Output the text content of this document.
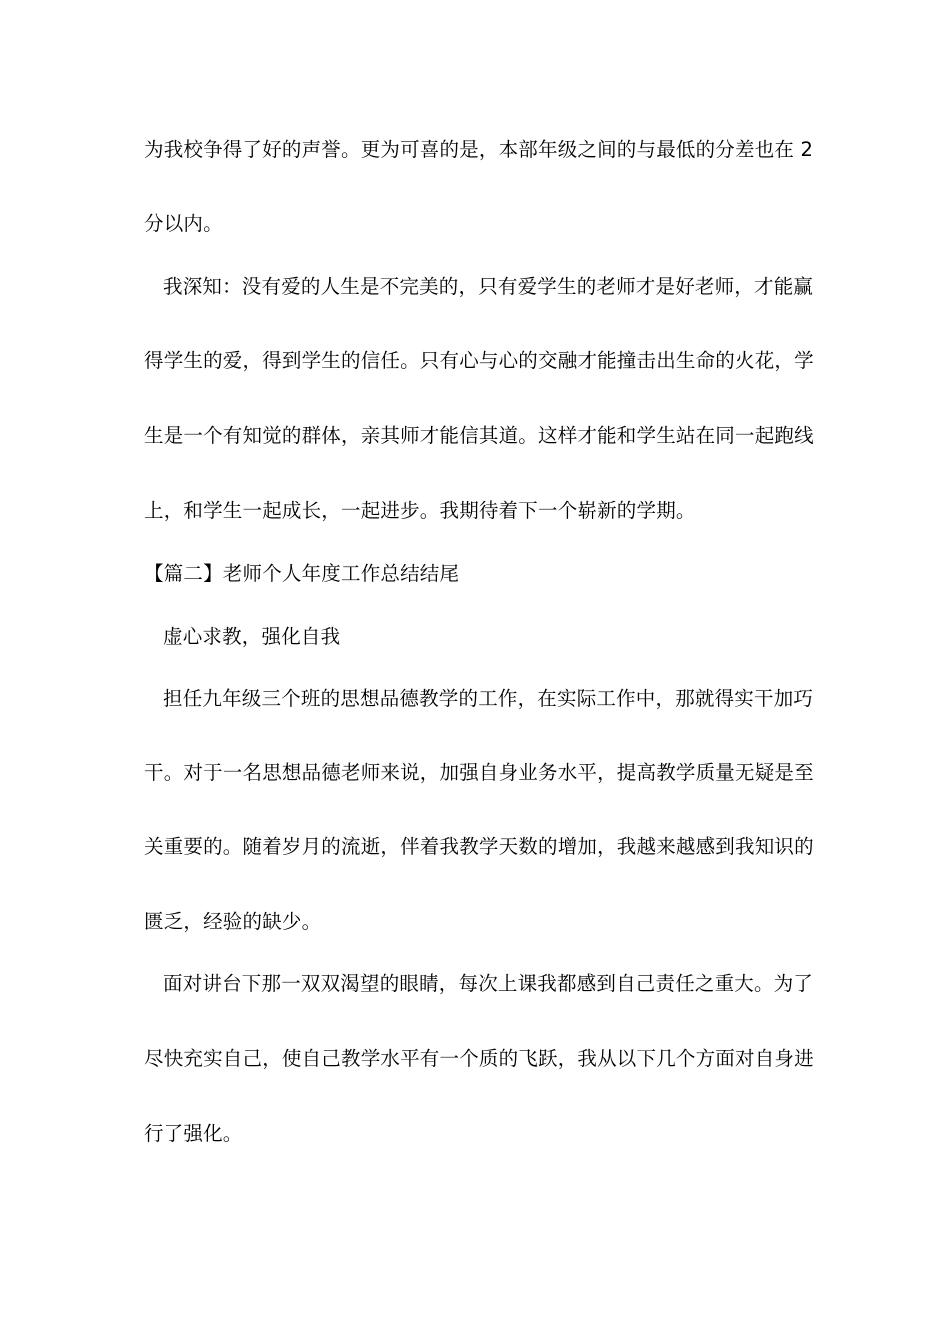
为我校争得了好的声誉。更为可喜的是，本部年级之间的与最低的分差也在 2
分以内。
我深知：没有爱的人生是不完美的，只有爱学生的老师才是好老师，才能赢
得学生的爱，得到学生的信任。只有心与心的交融才能撞击出生命的火花，学
生是一个有知觉的群体，亲其师才能信其道。这样才能和学生站在同一起跑线
上，和学生一起成长，一起进步。我期待着下一个崭新的学期。
【篇二】老师个人年度工作总结结尾
虚心求教，强化自我
担任九年级三个班的思想品德教学的工作，在实际工作中，那就得实干加巧
干。对于一名思想品德老师来说，加强自身业务水平，提高教学质量无疑是至
关重要的。随着岁月的流逝，伴着我教学天数的增加，我越来越感到我知识的
匮乏，经验的缺少。
面对讲台下那一双双渴望的眼睛，每次上课我都感到自己责任之重大。为了
尽快充实自己，使自己教学水平有一个质的飞跃，我从以下几个方面对自身进
行了强化。
